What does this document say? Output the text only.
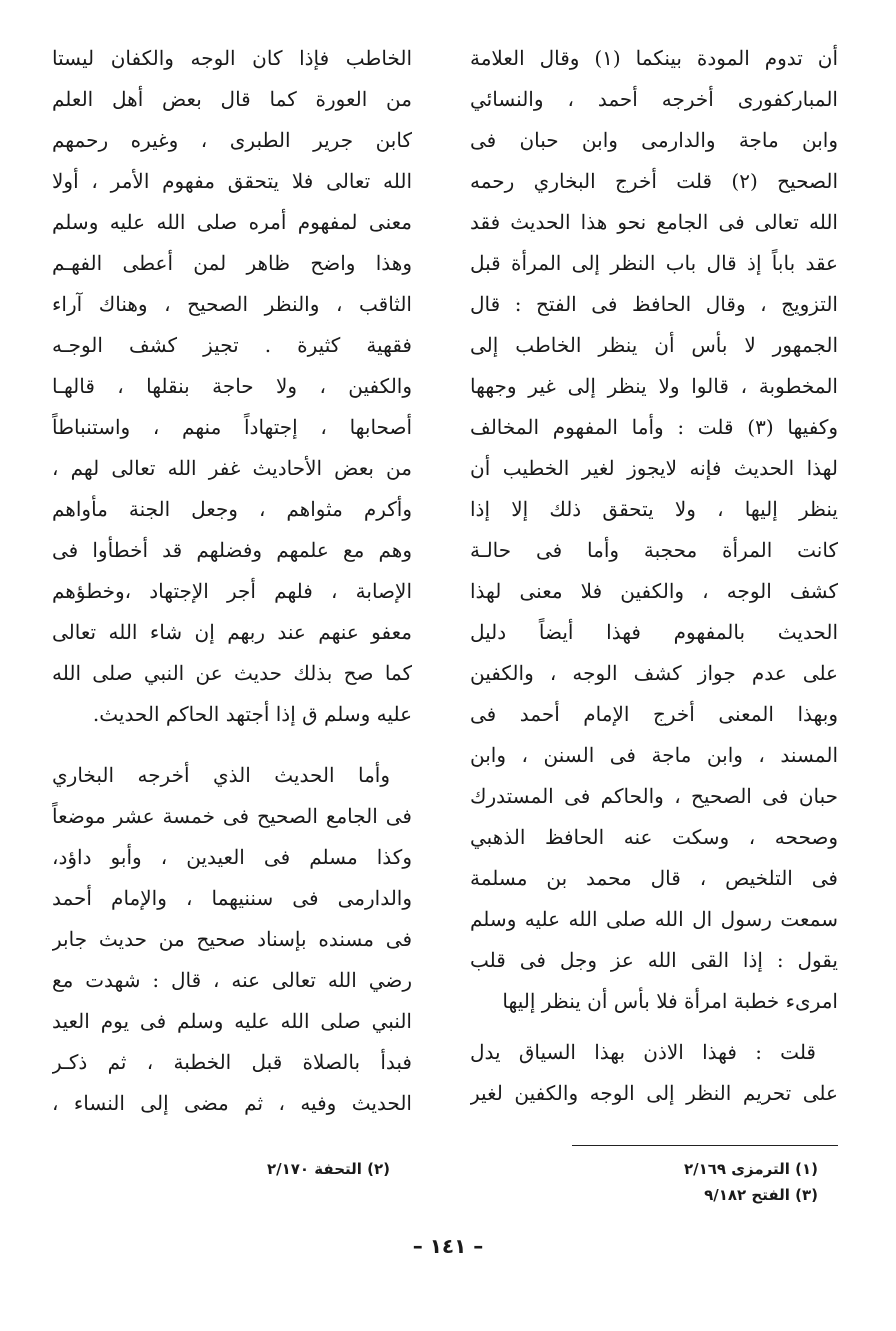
أن تدوم المودة بينكما (١) وقال العلامة
المباركفورى أخرجه أحمد ، والنسائي
وابن ماجة والدارمى وابن حبان فى
الصحيح (٢) قلت أخرج البخاري رحمه
الله تعالى فى الجامع نحو هذا الحديث فقد
عقد باباً إذ قال باب النظر إلى المرأة قبل
التزويج ، وقال الحافظ فى الفتح : قال
الجمهور لا بأس أن ينظر الخاطب إلى
المخطوبة ، قالوا ولا ينظر إلى غير وجهها
وكفيها (٣) قلت : وأما المفهوم المخالف
لهذا الحديث فإنه لايجوز لغير الخطيب أن
ينظر إليها ، ولا يتحقق ذلك إلا إذا
كانت المرأة محجبة وأما فى حالـة
كشف الوجه ، والكفين فلا معنى لهذا
الحديث بالمفهوم فهذا أيضاً دليل
على عدم جواز كشف الوجه ، والكفين
وبهذا المعنى أخرج الإمام أحمد فى
المسند ، وابن ماجة فى السنن ، وابن
حبان فى الصحيح ، والحاكم فى المستدرك
وصححه ، وسكت عنه الحافظ الذهبي
فى التلخيص ، قال محمد بن مسلمة
سمعت رسول ال الله صلى الله عليه وسلم
يقول : إذا القى الله عز وجل فى قلب
امرىء خطبة امرأة فلا بأس أن ينظر إليها
قلت : فهذا الاذن بهذا السياق يدل
على تحريم النظر إلى الوجه والكفين لغير
الخاطب فإذا كان الوجه والكفان ليستا
من العورة كما قال بعض أهل العلم
كابن جرير الطبرى ، وغيره رحمهم
الله تعالى فلا يتحقق مفهوم الأمر ، أولا
معنى لمفهوم أمره صلى الله عليه وسلم
وهذا واضح ظاهر لمن أعطى الفهـم
الثاقب ، والنظر الصحيح ، وهناك آراء
فقهية كثيرة . تجيز كشف الوجـه
والكفين ، ولا حاجة بنقلها ، قالهـا
أصحابها ، إجتهاداً منهم ، واستنباطاً
من بعض الأحاديث غفر الله تعالى لهم ،
وأكرم مثواهم ، وجعل الجنة مأواهم
وهم مع علمهم وفضلهم قد أخطأوا فى
الإصابة ، فلهم أجر الإجتهاد ،وخطؤهم
معفو عنهم عند ربهم إن شاء الله تعالى
كما صح بذلك حديث عن النبي صلى الله
عليه وسلم ق إذا أجتهد الحاكم الحديث.
وأما الحديث الذي أخرجه البخاري
فى الجامع الصحيح فى خمسة عشر موضعاً
وكذا مسلم فى العيدين ، وأبو داؤد،
والدارمى فى سننيهما ، والإمام أحمد
فى مسنده بإسناد صحيح من حديث جابر
رضي الله تعالى عنه ، قال : شهدت مع
النبي صلى الله عليه وسلم فى يوم العيد
فبدأ بالصلاة قبل الخطبة ، ثم ذكـر
الحديث وفيه ، ثم مضى إلى النساء ،
(١) الترمزى ٢/١٦٩
(٣) الفتح ٩/١٨٢
(٢) التحفة ٢/١٧٠
– ١٤١ –
